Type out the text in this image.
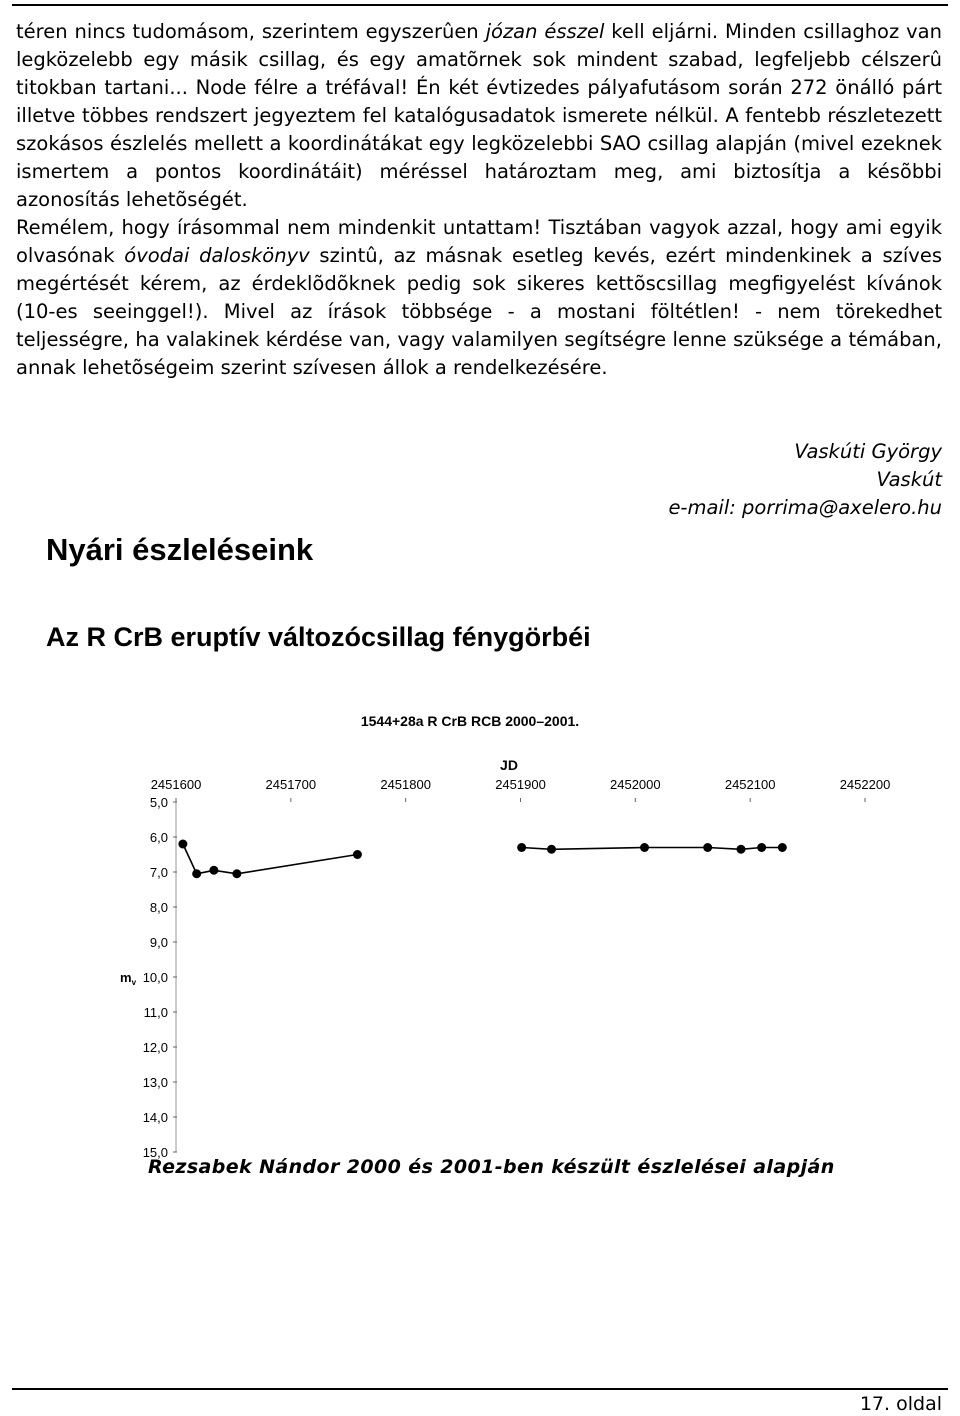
téren nincs tudomásom, szerintem egyszerûen józan ésszel kell eljárni. Minden csillaghoz van legközelebb egy másik csillag, és egy amatõrnek sok mindent szabad, legfeljebb célszerû titokban tartani... Node félre a tréfával! Én két évtizedes pályafutásom során 272 önálló párt illetve többes rendszert jegyeztem fel katalógusadatok ismerete nélkül. A fentebb részletezett szokásos észlelés mellett a koordinátákat egy legközelebbi SAO csillag alapján (mivel ezeknek ismertem a pontos koordinátáit) méréssel határoztam meg, ami biztosítja a késõbbi azonosítás lehetõségét.

Remélem, hogy írásommal nem mindenkit untattam! Tisztában vagyok azzal, hogy ami egyik olvasónak óvodai daloskönyv szintû, az másnak esetleg kevés, ezért mindenkinek a szíves megértését kérem, az érdeklõdõknek pedig sok sikeres kettõscsillag megfigyelést kívánok (10-es seeinggel!). Mivel az írások többsége - a mostani föltétlen! - nem törekedhet teljességre, ha valakinek kérdése van, vagy valamilyen segítségre lenne szüksége a témában, annak lehetõségeim szerint szívesen állok a rendelkezésére.

Vaskúti György
Vaskút
e-mail: porrima@axelero.hu
Nyári észleléseink
Az R CrB eruptív változócsillag fénygörbéi
1544+28a R CrB RCB 2000–2001.
JD
2451600	2451700	2451800	2451900	2452000	2452100	2452200
5,0
6,0
7,0
8,0
9,0
10,0
11,0
12,0
13,0
14,0
15,0
$m_v$

Rezsabek Nándor 2000 és 2001-ben készült észlelései alapján

17. oldal
